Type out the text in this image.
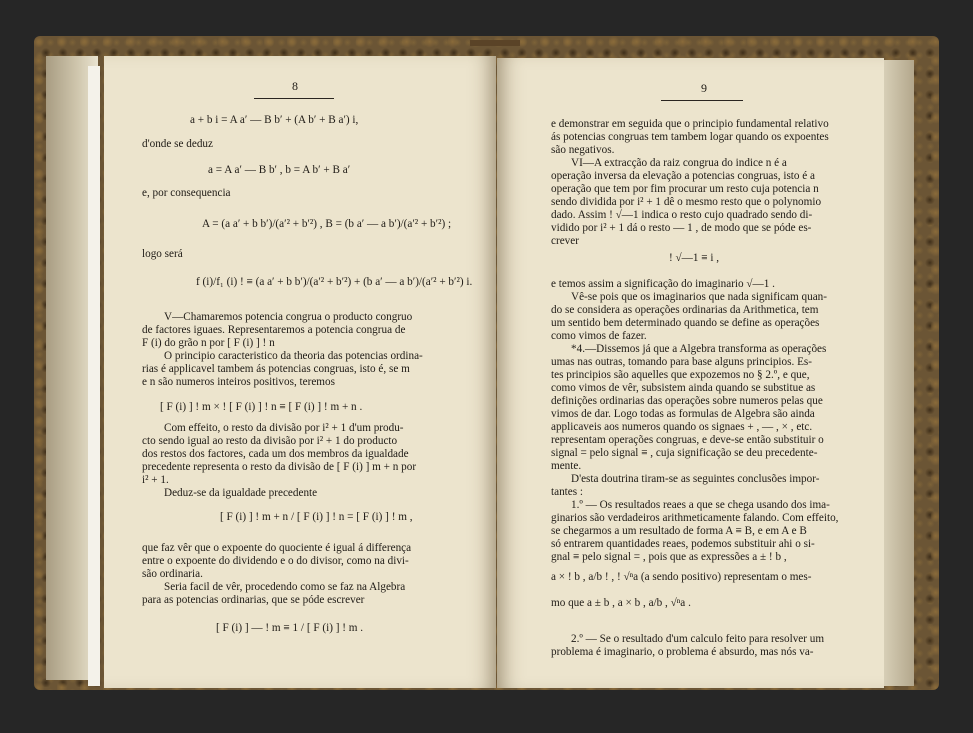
8
a + b i = A a′ — B b′ + (A b′ + B a′) i,
d'onde se deduz
a = A a′ — B b′ , b = A b′ + B a′
e, por consequencia
A = (a a′ + b b′)/(a′² + b′²) , B = (b a′ — a b′)/(a′² + b′²) ;
logo será
f (i)/f₁ (i) ! ≡ (a a′ + b b′)/(a′² + b′²) + (b a′ — a b′)/(a′² + b′²) i.
V—Chamaremos potencia congrua o producto congruo
de factores iguaes. Representaremos a potencia congrua de
F (i) do grão n por [ F (i) ] ! n
O principio caracteristico da theoria das potencias ordina-
rias é applicavel tambem ás potencias congruas, isto é, se m
e n são numeros inteiros positivos, teremos
[ F (i) ] ! m × ! [ F (i) ] ! n ≡ [ F (i) ] ! m + n .
Com effeito, o resto da divisão por i² + 1 d'um produ-
cto sendo igual ao resto da divisão por i² + 1 do producto
dos restos dos factores, cada um dos membros da igualdade
precedente representa o resto da divisão de [ F (i) ] m + n por
i² + 1.
Deduz-se da igualdade precedente
[ F (i) ] ! m + n / [ F (i) ] ! n = [ F (i) ] ! m ,
que faz vêr que o expoente do quociente é igual á differença
entre o expoente do dividendo e o do divisor, como na divi-
são ordinaria.
Seria facil de vêr, procedendo como se faz na Algebra
para as potencias ordinarias, que se póde escrever
[ F (i) ] — ! m ≡ 1 / [ F (i) ] ! m .
9
e demonstrar em seguida que o principio fundamental relativo
ás potencias congruas tem tambem logar quando os expoentes
são negativos.
VI—A extracção da raiz congrua do indice n é a
operação inversa da elevação a potencias congruas, isto é a
operação que tem por fim procurar um resto cuja potencia n
sendo dividida por i² + 1 dê o mesmo resto que o polynomio
dado. Assim ! √—1 indica o resto cujo quadrado sendo di-
vidido por i² + 1 dá o resto — 1 , de modo que se póde es-
crever
! √—1 ≡ i ,
e temos assim a significação do imaginario √—1 .
Vê-se pois que os imaginarios que nada significam quan-
do se considera as operações ordinarias da Arithmetica, tem
um sentido bem determinado quando se define as operações
como vimos de fazer.
*4.—Dissemos já que a Algebra transforma as operações
umas nas outras, tomando para base alguns principios. Es-
tes principios são aquelles que expozemos no § 2.º, e que,
como vimos de vêr, subsistem ainda quando se substitue as
definições ordinarias das operações sobre numeros pelas que
vimos de dar. Logo todas as formulas de Algebra são ainda
applicaveis aos numeros quando os signaes + , — , × , etc.
representam operações congruas, e deve-se então substituir o
signal = pelo signal ≡ , cuja significação se deu precedente-
mente.
D'esta doutrina tiram-se as seguintes conclusões impor-
tantes :
1.º — Os resultados reaes a que se chega usando dos ima-
ginarios são verdadeiros arithmeticamente falando. Com effeito,
se chegarmos a um resultado de forma A ≡ B, e em A e B
só entrarem quantidades reaes, podemos substituir ahi o si-
gnal ≡ pelo signal = , pois que as expressões a ± ! b ,
a × ! b , a/b ! , ! √ⁿa (a sendo positivo) representam o mes-
mo que a ± b , a × b , a/b , √ⁿa .
2.º — Se o resultado d'um calculo feito para resolver um
problema é imaginario, o problema é absurdo, mas nós va-
